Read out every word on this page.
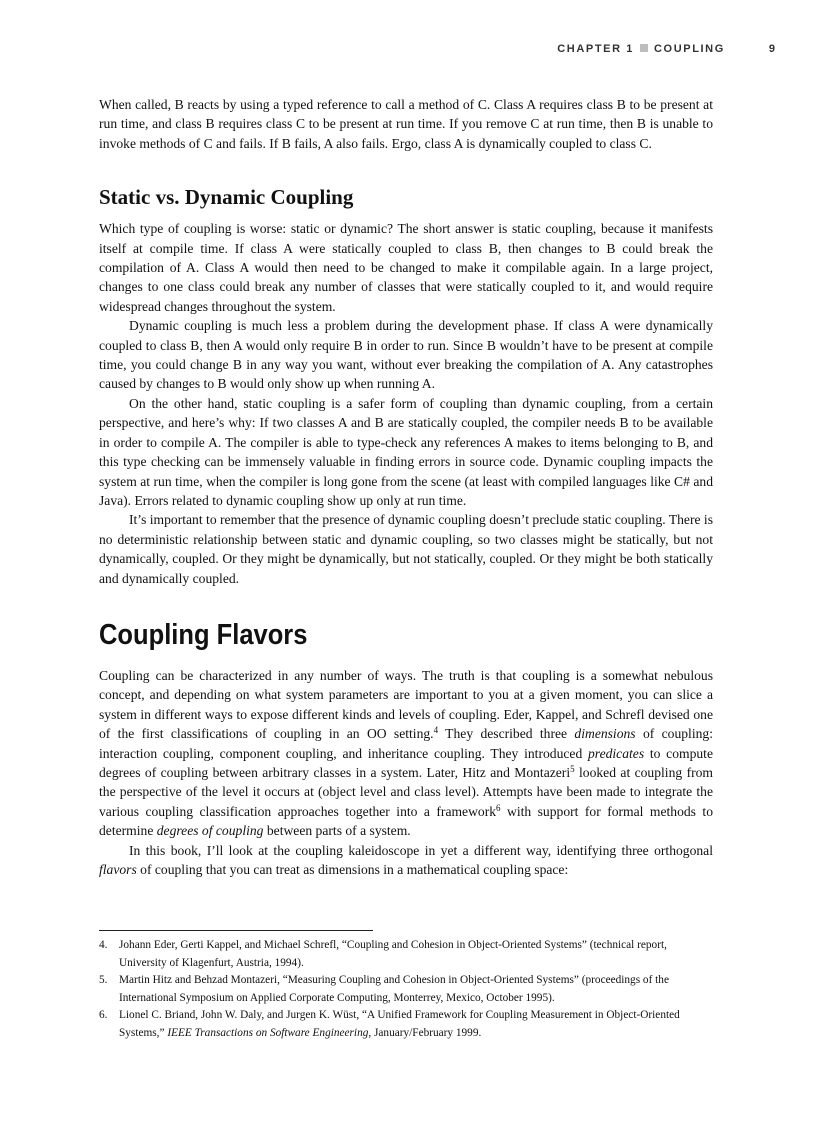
CHAPTER 1 COUPLING	9

When called, B reacts by using a typed reference to call a method of C. Class A requires class B to be present at run time, and class B requires class C to be present at run time. If you remove C at run time, then B is unable to invoke methods of C and fails. If B fails, A also fails. Ergo, class A is dynamically coupled to class C.

Static vs. Dynamic Coupling

Which type of coupling is worse: static or dynamic? The short answer is static coupling, because it manifests itself at compile time. If class A were statically coupled to class B, then changes to B could break the compilation of A. Class A would then need to be changed to make it compilable again. In a large project, changes to one class could break any number of classes that were statically coupled to it, and would require widespread changes throughout the system.

Dynamic coupling is much less a problem during the development phase. If class A were dynamically coupled to class B, then A would only require B in order to run. Since B wouldn’t have to be present at compile time, you could change B in any way you want, without ever breaking the compilation of A. Any catastrophes caused by changes to B would only show up when running A.

On the other hand, static coupling is a safer form of coupling than dynamic coupling, from a certain perspective, and here’s why: If two classes A and B are statically coupled, the compiler needs B to be available in order to compile A. The compiler is able to type-check any references A makes to items belonging to B, and this type checking can be immensely valuable in finding errors in source code. Dynamic coupling impacts the system at run time, when the compiler is long gone from the scene (at least with compiled languages like C# and Java). Errors related to dynamic coupling show up only at run time.

It’s important to remember that the presence of dynamic coupling doesn’t preclude static coupling. There is no deterministic relationship between static and dynamic coupling, so two classes might be statically, but not dynamically, coupled. Or they might be dynamically, but not statically, coupled. Or they might be both statically and dynamically coupled.

Coupling Flavors

Coupling can be characterized in any number of ways. The truth is that coupling is a somewhat nebulous concept, and depending on what system parameters are important to you at a given moment, you can slice a system in different ways to expose different kinds and levels of coupling. Eder, Kappel, and Schrefl devised one of the first classifications of coupling in an OO setting.$^4$ They described three dimensions of coupling: interaction coupling, component coupling, and inheritance coupling. They introduced predicates to compute degrees of coupling between arbitrary classes in a system. Later, Hitz and Montazeri$^5$ looked at coupling from the perspective of the level it occurs at (object level and class level). Attempts have been made to integrate the various coupling classification approaches together into a framework$^6$ with support for formal methods to determine degrees of coupling between parts of a system.

In this book, I’ll look at the coupling kaleidoscope in yet a different way, identifying three orthogonal flavors of coupling that you can treat as dimensions in a mathematical coupling space:

4. Johann Eder, Gerti Kappel, and Michael Schrefl, “Coupling and Cohesion in Object-Oriented Systems” (technical report, University of Klagenfurt, Austria, 1994).
5. Martin Hitz and Behzad Montazeri, “Measuring Coupling and Cohesion in Object-Oriented Systems” (proceedings of the International Symposium on Applied Corporate Computing, Monterrey, Mexico, October 1995).
6. Lionel C. Briand, John W. Daly, and Jurgen K. Wüst, “A Unified Framework for Coupling Measurement in Object-Oriented Systems,” IEEE Transactions on Software Engineering, January/February 1999.
